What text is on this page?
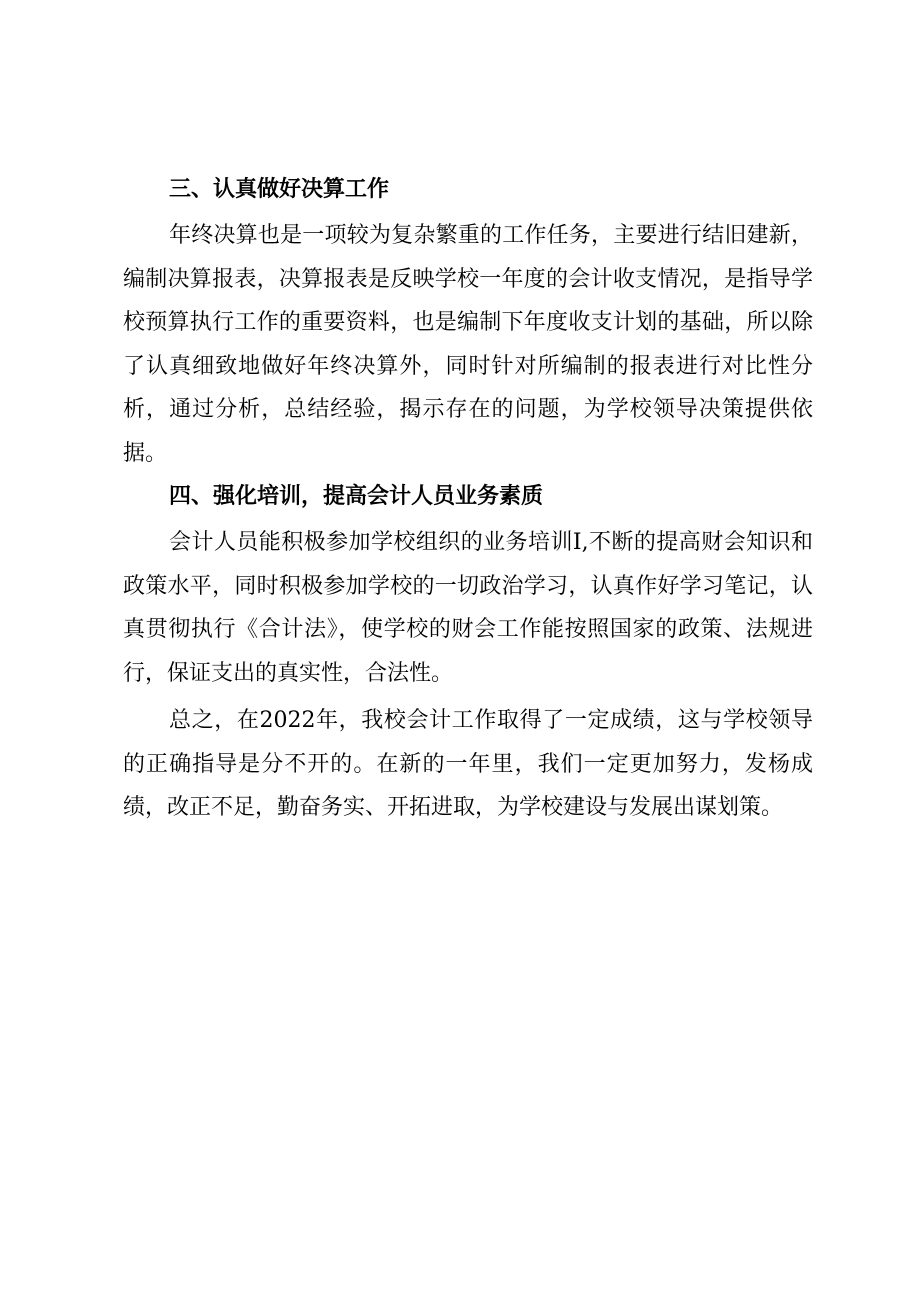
三、认真做好决算工作

年终决算也是一项较为复杂繁重的工作任务，主要进行结旧建新，编制决算报表，决算报表是反映学校一年度的会计收支情况，是指导学校预算执行工作的重要资料，也是编制下年度收支计划的基础，所以除了认真细致地做好年终决算外，同时针对所编制的报表进行对比性分析，通过分析，总结经验，揭示存在的问题，为学校领导决策提供依据。

四、强化培训，提高会计人员业务素质

会计人员能积极参加学校组织的业务培训I,不断的提高财会知识和政策水平，同时积极参加学校的一切政治学习，认真作好学习笔记，认真贯彻执行《合计法》，使学校的财会工作能按照国家的政策、法规进行，保证支出的真实性，合法性。

总之，在2022年，我校会计工作取得了一定成绩，这与学校领导的正确指导是分不开的。在新的一年里，我们一定更加努力，发杨成绩，改正不足，勤奋务实、开拓进取，为学校建设与发展出谋划策。
